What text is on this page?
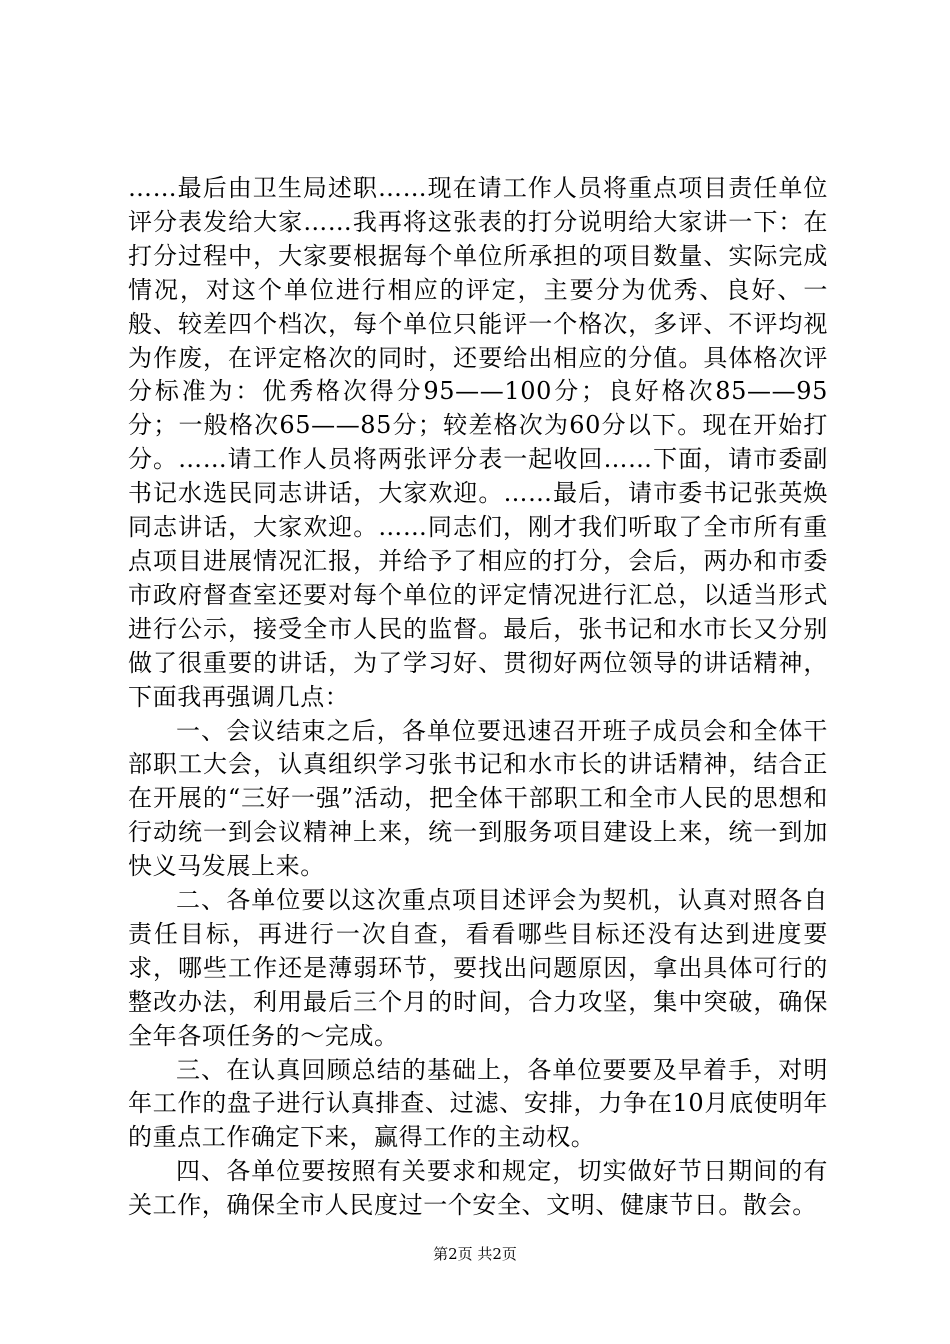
……最后由卫生局述职……现在请工作人员将重点项目责任单位评分表发给大家……我再将这张表的打分说明给大家讲一下：在打分过程中，大家要根据每个单位所承担的项目数量、实际完成情况，对这个单位进行相应的评定，主要分为优秀、良好、一般、较差四个档次，每个单位只能评一个格次，多评、不评均视为作废，在评定格次的同时，还要给出相应的分值。具体格次评分标准为：优秀格次得分95——100分；良好格次85——95分；一般格次65——85分；较差格次为60分以下。现在开始打分。……请工作人员将两张评分表一起收回……下面，请市委副书记水选民同志讲话，大家欢迎。……最后，请市委书记张英焕同志讲话，大家欢迎。……同志们，刚才我们听取了全市所有重点项目进展情况汇报，并给予了相应的打分，会后，两办和市委市政府督查室还要对每个单位的评定情况进行汇总，以适当形式进行公示，接受全市人民的监督。最后，张书记和水市长又分别做了很重要的讲话，为了学习好、贯彻好两位领导的讲话精神，下面我再强调几点：

一、会议结束之后，各单位要迅速召开班子成员会和全体干部职工大会，认真组织学习张书记和水市长的讲话精神，结合正在开展的“三好一强”活动，把全体干部职工和全市人民的思想和行动统一到会议精神上来，统一到服务项目建设上来，统一到加快义马发展上来。

二、各单位要以这次重点项目述评会为契机，认真对照各自责任目标，再进行一次自查，看看哪些目标还没有达到进度要求，哪些工作还是薄弱环节，要找出问题原因，拿出具体可行的整改办法，利用最后三个月的时间，合力攻坚，集中突破，确保全年各项任务的～完成。

三、在认真回顾总结的基础上，各单位要要及早着手，对明年工作的盘子进行认真排查、过滤、安排，力争在10月底使明年的重点工作确定下来，赢得工作的主动权。

四、各单位要按照有关要求和规定，切实做好节日期间的有关工作，确保全市人民度过一个安全、文明、健康节日。散会。

第2页 共2页
